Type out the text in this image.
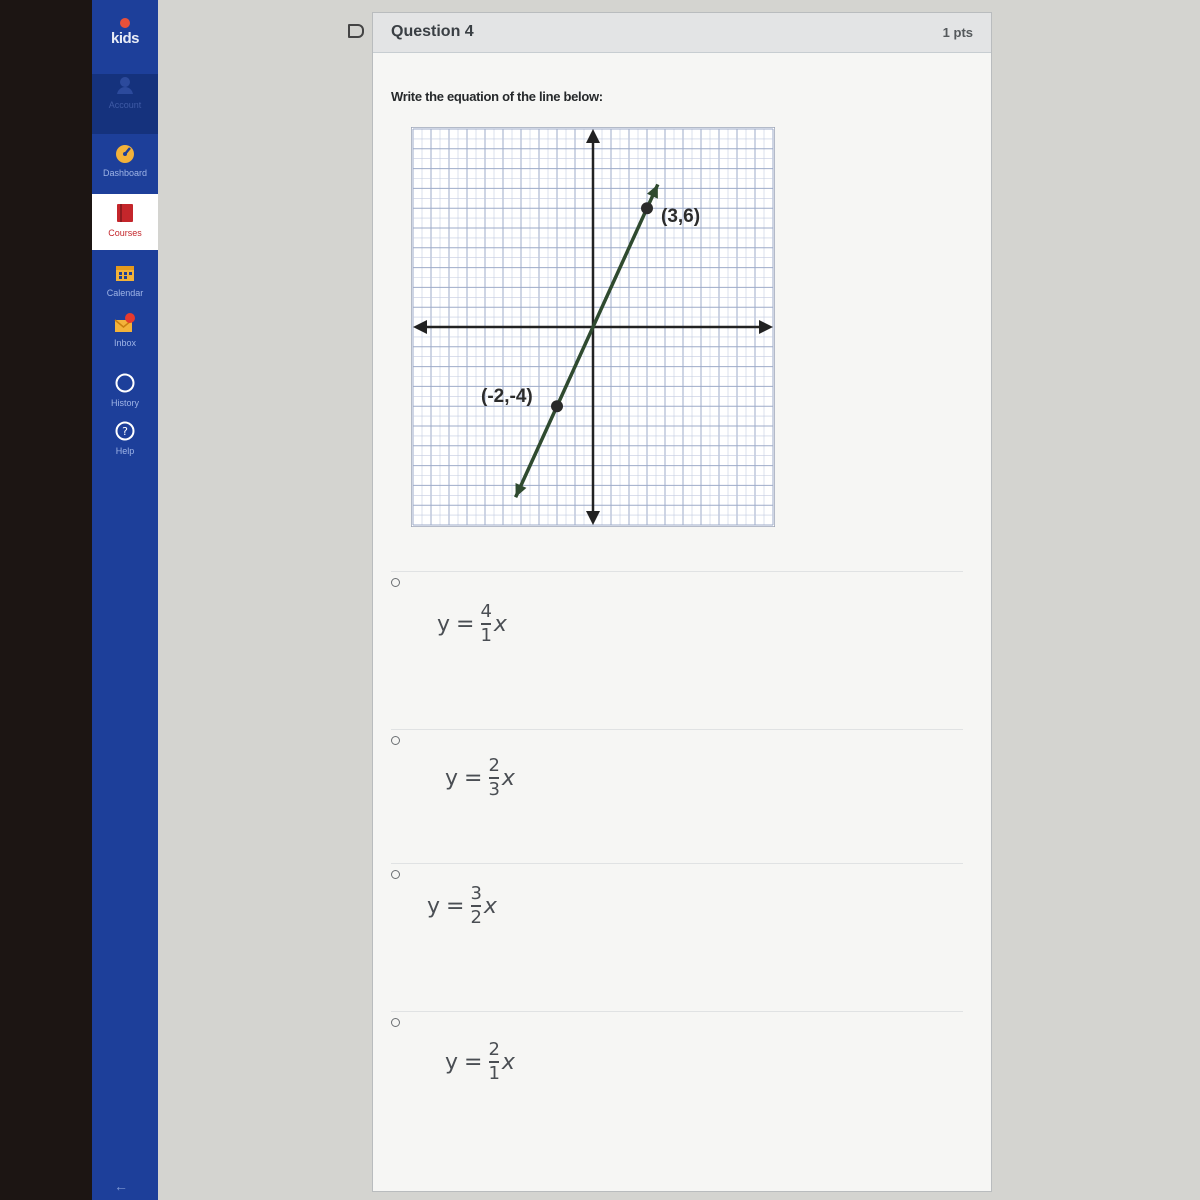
kids
Account
Dashboard
Courses
Calendar
Inbox
History
?
Help
←
Question 4	1 pts

Write the equation of the line below:

(3,6)
(-2,-4)
$y = \frac{4}{1}$ x
$y = \frac{2}{3}$ x
$y = \frac{3}{2}$ x
$y = \frac{2}{1}$ x
